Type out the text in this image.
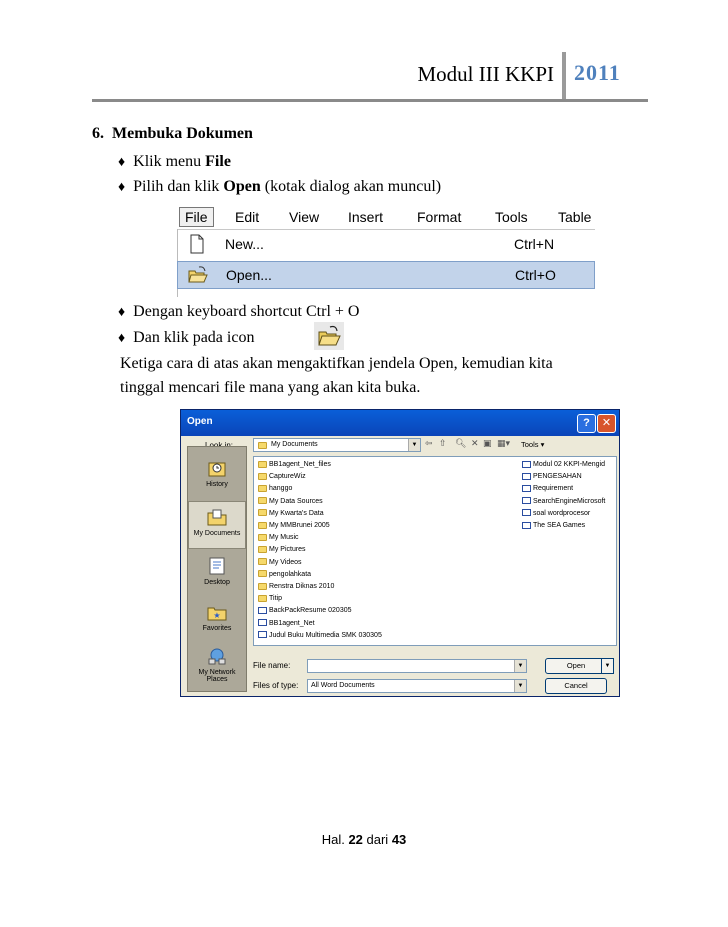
Modul III KKPI 2011
6. Membuka Dokumen
♦ Klik menu File
♦ Pilih dan klik Open (kotak dialog akan muncul)
File	Edit View Insert Format Tools Table
New...	Ctrl+N
Open...	Ctrl+O
♦ Dengan keyboard shortcut Ctrl + O
♦ Dan klik pada icon
Ketiga cara di atas akan mengaktifkan jendela Open, kemudian kita
tinggal mencari file mana yang akan kita buka.
Open	?	✕
My Documents	▼ ⇦ ⇧ 🔍︎ ✕ ▣ ▦▾ Tools ▾
History
My Documents
Desktop
★
Favorites
My Network Places
BB1agent_Net_files
CaptureWiz
hanggo
My Data Sources
My Kwarta's Data
My MMBrunei 2005
My Music
My Pictures
My Videos
pengolahkata
Renstra Diknas 2010
Titip
BackPackResume 020305
BB1agent_Net
Judul Buku Multimedia SMK 030305
Modul 02 KKPI-Mengid
PENGESAHAN
Requirement
SearchEngineMicrosoft
soal wordprocesor
The SEA Games
File name:	▼
Files of type: All Word Documents	▼
Open	▼
Cancel
Hal. 22 dari 43
